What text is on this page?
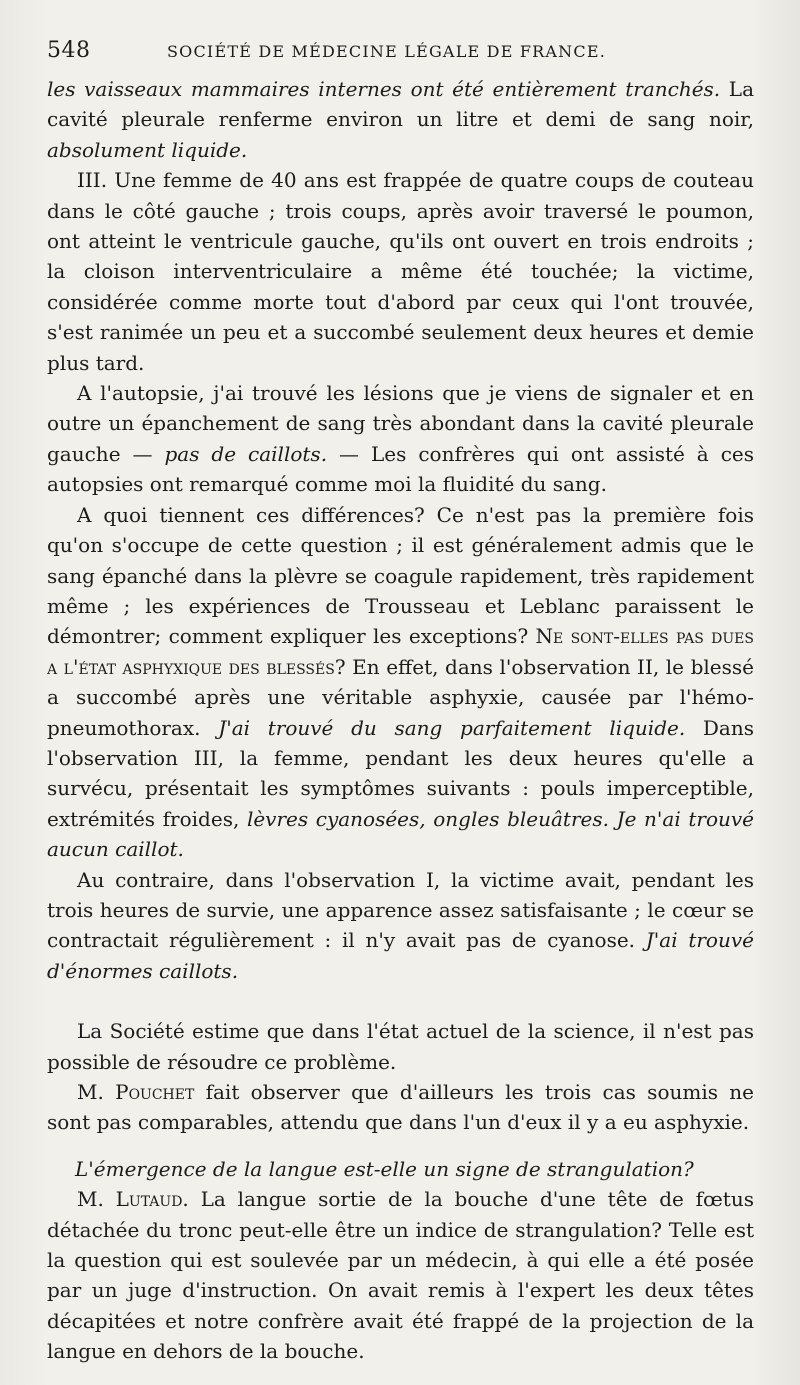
548	SOCIÉTÉ DE MÉDECINE LÉGALE DE FRANCE.

les vaisseaux mammaires internes ont été entièrement tranchés. La cavité pleurale renferme environ un litre et demi de sang noir, absolument liquide.

III. Une femme de 40 ans est frappée de quatre coups de couteau dans le côté gauche ; trois coups, après avoir traversé le poumon, ont atteint le ventricule gauche, qu'ils ont ouvert en trois endroits ; la cloison interventriculaire a même été touchée; la victime, considérée comme morte tout d'abord par ceux qui l'ont trouvée, s'est ranimée un peu et a succombé seulement deux heures et demie plus tard.

A l'autopsie, j'ai trouvé les lésions que je viens de signaler et en outre un épanchement de sang très abondant dans la cavité pleurale gauche — pas de caillots. — Les confrères qui ont assisté à ces autopsies ont remarqué comme moi la fluidité du sang.

A quoi tiennent ces différences? Ce n'est pas la première fois qu'on s'occupe de cette question ; il est généralement admis que le sang épanché dans la plèvre se coagule rapidement, très rapidement même ; les expériences de Trousseau et Leblanc paraissent le démontrer; comment expliquer les exceptions? Ne sont-elles pas dues a l'état asphyxique des blessés? En effet, dans l'observation II, le blessé a succombé après une véritable asphyxie, causée par l'hémo-pneumothorax. J'ai trouvé du sang parfaitement liquide. Dans l'observation III, la femme, pendant les deux heures qu'elle a survécu, présentait les symptômes suivants : pouls imperceptible, extrémités froides, lèvres cyanosées, ongles bleuâtres. Je n'ai trouvé aucun caillot.

Au contraire, dans l'observation I, la victime avait, pendant les trois heures de survie, une apparence assez satisfaisante ; le cœur se contractait régulièrement : il n'y avait pas de cyanose. J'ai trouvé d'énormes caillots.

La Société estime que dans l'état actuel de la science, il n'est pas possible de résoudre ce problème.

M. Pouchet fait observer que d'ailleurs les trois cas soumis ne sont pas comparables, attendu que dans l'un d'eux il y a eu asphyxie.

L'émergence de la langue est-elle un signe de strangulation?

M. Lutaud. La langue sortie de la bouche d'une tête de fœtus détachée du tronc peut-elle être un indice de strangulation? Telle est la question qui est soulevée par un médecin, à qui elle a été posée par un juge d'instruction. On avait remis à l'expert les deux têtes décapitées et notre confrère avait été frappé de la projection de la langue en dehors de la bouche.
